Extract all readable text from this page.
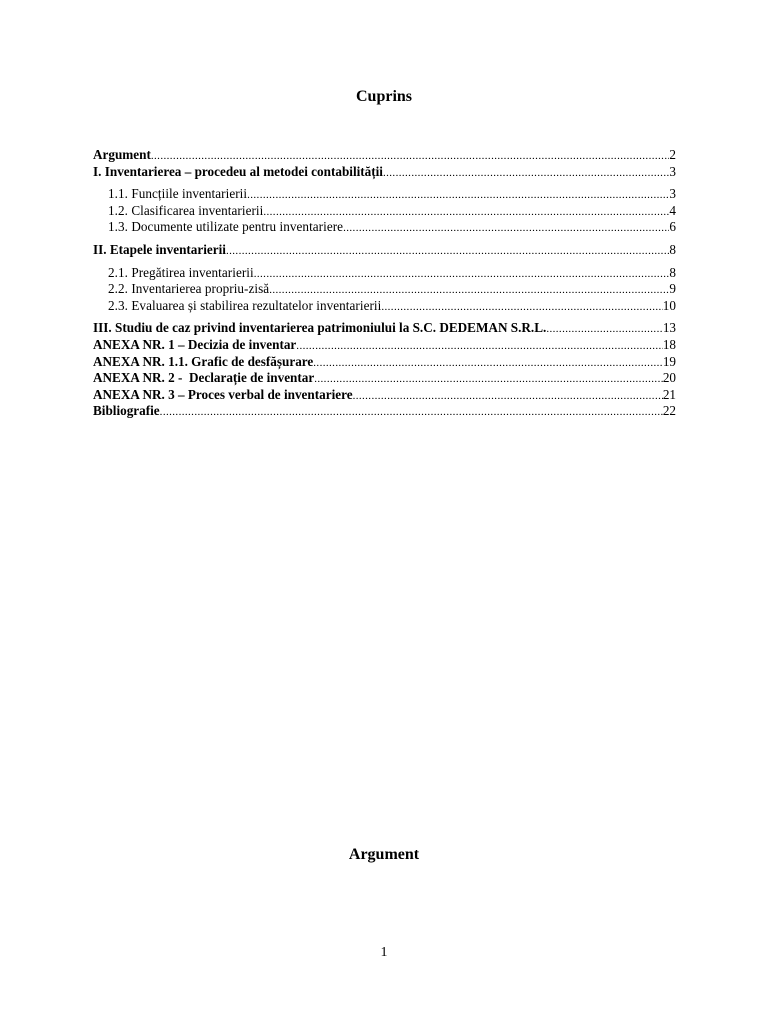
Cuprins
Argument .....	2
I. Inventarierea – procedeu al metodei contabilității .....	3
1.1. Funcțiile inventarierii .....	3
1.2. Clasificarea inventarierii .....	4
1.3. Documente utilizate pentru inventariere .....	6
II. Etapele inventarierii .....	8
2.1. Pregătirea inventarierii .....	8
2.2. Inventarierea propriu-zisă .....	9
2.3. Evaluarea și stabilirea rezultatelor inventarierii .....	10
III. Studiu de caz privind inventarierea patrimoniului la S.C. DEDEMAN S.R.L. .....	13
ANEXA NR. 1 – Decizia de inventar .....	18
ANEXA NR. 1.1. Grafic de desfășurare .....	19
ANEXA NR. 2 -  Declarație de inventar .....	20
ANEXA NR. 3 – Proces verbal de inventariere .....	21
Bibliografie .....	22
Argument
1
